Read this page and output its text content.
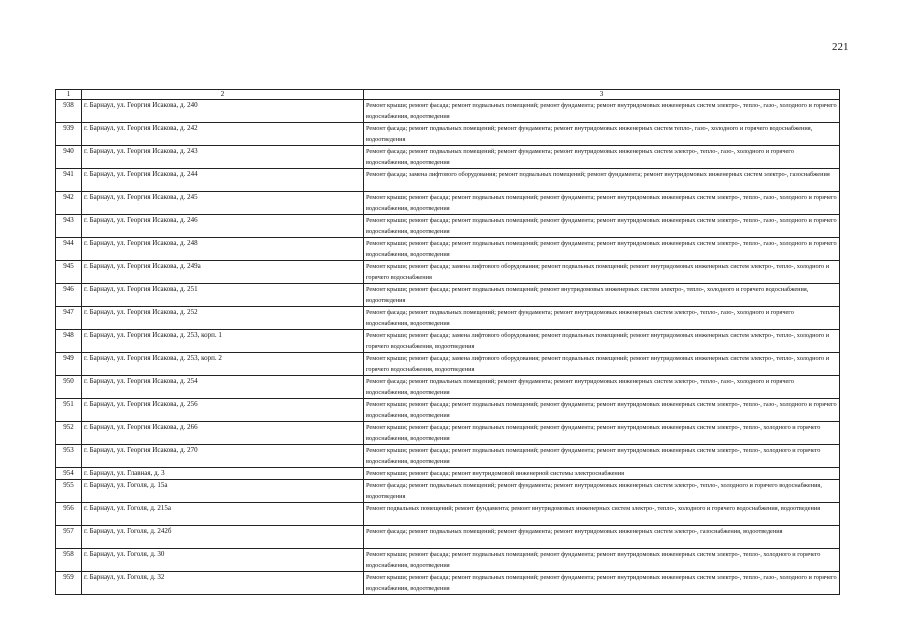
221
1	2	3
938	г. Барнаул, ул. Георгия Исакова, д. 240	Ремонт крыши; ремонт фасада; ремонт подвальных помещений; ремонт фундамента; ремонт внутридомовых инженерных систем электро-, тепло-, газо-, холодного и горячего водоснабжения, водоотведения
939	г. Барнаул, ул. Георгия Исакова, д. 242	Ремонт фасада; ремонт подвальных помещений; ремонт фундамента; ремонт внутридомовых инженерных систем тепло-, газо-, холодного и горячего водоснабжения, водоотведения
940	г. Барнаул, ул. Георгия Исакова, д. 243	Ремонт фасада; ремонт подвальных помещений; ремонт фундамента; ремонт внутридомовых инженерных систем электро-, тепло-, газо-, холодного и горячего водоснабжения, водоотведения
941	г. Барнаул, ул. Георгия Исакова, д. 244	Ремонт фасада; замена лифтового оборудования; ремонт подвальных помещений; ремонт фундамента; ремонт внутридомовых инженерных систем электро-, газоснабжения
942	г. Барнаул, ул. Георгия Исакова, д. 245	Ремонт крыши; ремонт фасада; ремонт подвальных помещений; ремонт фундамента; ремонт внутридомовых инженерных систем электро-, тепло-, газо-, холодного и горячего водоснабжения, водоотведения
943	г. Барнаул, ул. Георгия Исакова, д. 246	Ремонт крыши; ремонт фасада; ремонт подвальных помещений; ремонт фундамента; ремонт внутридомовых инженерных систем электро-, тепло-, газо-, холодного и горячего водоснабжения, водоотведения
944	г. Барнаул, ул. Георгия Исакова, д. 248	Ремонт крыши; ремонт фасада; ремонт подвальных помещений; ремонт фундамента; ремонт внутридомовых инженерных систем электро-, тепло-, газо-, холодного и горячего водоснабжения, водоотведения
945	г. Барнаул, ул. Георгия Исакова, д. 249а	Ремонт крыши; ремонт фасада; замена лифтового оборудования; ремонт подвальных помещений; ремонт внутридомовых инженерных систем электро-, тепло-, холодного и горячего водоснабжения
946	г. Барнаул, ул. Георгия Исакова, д. 251	Ремонт крыши; ремонт фасада; ремонт подвальных помещений; ремонт внутридомовых инженерных систем электро-, тепло-, холодного и горячего водоснабжения, водоотведения
947	г. Барнаул, ул. Георгия Исакова, д. 252	Ремонт фасада; ремонт подвальных помещений; ремонт фундамента; ремонт внутридомовых инженерных систем электро-, тепло-, газо-, холодного и горячего водоснабжения, водоотведения
948	г. Барнаул, ул. Георгия Исакова, д. 253, корп. 1	Ремонт крыши; ремонт фасада; замена лифтового оборудования; ремонт подвальных помещений; ремонт внутридомовых инженерных систем электро-, тепло-, холодного и горячего водоснабжения, водоотведения
949	г. Барнаул, ул. Георгия Исакова, д. 253, корп. 2	Ремонт крыши; ремонт фасада; замена лифтового оборудования; ремонт подвальных помещений; ремонт внутридомовых инженерных систем электро-, тепло-, холодного и горячего водоснабжения, водоотведения
950	г. Барнаул, ул. Георгия Исакова, д. 254	Ремонт фасада; ремонт подвальных помещений; ремонт фундамента; ремонт внутридомовых инженерных систем электро-, тепло-, газо-, холодного и горячего водоснабжения, водоотведения
951	г. Барнаул, ул. Георгия Исакова, д. 256	Ремонт крыши; ремонт фасада; ремонт подвальных помещений; ремонт фундамента; ремонт внутридомовых инженерных систем электро-, тепло-, газо-, холодного и горячего водоснабжения, водоотведения
952	г. Барнаул, ул. Георгия Исакова, д. 266	Ремонт крыши; ремонт фасада; ремонт подвальных помещений; ремонт фундамента; ремонт внутридомовых инженерных систем электро-, тепло-, холодного и горячего водоснабжения, водоотведения
953	г. Барнаул, ул. Георгия Исакова, д. 270	Ремонт крыши; ремонт фасада; ремонт подвальных помещений; ремонт фундамента; ремонт внутридомовых инженерных систем электро-, тепло-, холодного и горячего водоснабжения, водоотведения
954	г. Барнаул, ул. Главная, д. 3	Ремонт крыши; ремонт фасада; ремонт внутридомовой инженерной системы электроснабжения
955	г. Барнаул, ул. Гоголя, д. 15а	Ремонт фасада; ремонт подвальных помещений; ремонт фундамента; ремонт внутридомовых инженерных систем электро-, тепло-, холодного и горячего водоснабжения, водоотведения
956	г. Барнаул, ул. Гоголя, д. 215а	Ремонт подвальных помещений; ремонт фундамента; ремонт внутридомовых инженерных систем электро-, тепло-, холодного и горячего водоснабжения, водоотведения
957	г. Барнаул, ул. Гоголя, д. 242б	Ремонт фасада; ремонт подвальных помещений; ремонт фундамента; ремонт внутридомовых инженерных систем электро-, газоснабжения, водоотведения
958	г. Барнаул, ул. Гоголя, д. 30	Ремонт крыши; ремонт фасада; ремонт подвальных помещений; ремонт фундамента; ремонт внутридомовых инженерных систем электро-, тепло-, холодного и горячего водоснабжения, водоотведения
959	г. Барнаул, ул. Гоголя, д. 32	Ремонт крыши; ремонт фасада; ремонт подвальных помещений; ремонт фундамента; ремонт внутридомовых инженерных систем электро-, тепло-, газо-, холодного и горячего водоснабжения, водоотведения
